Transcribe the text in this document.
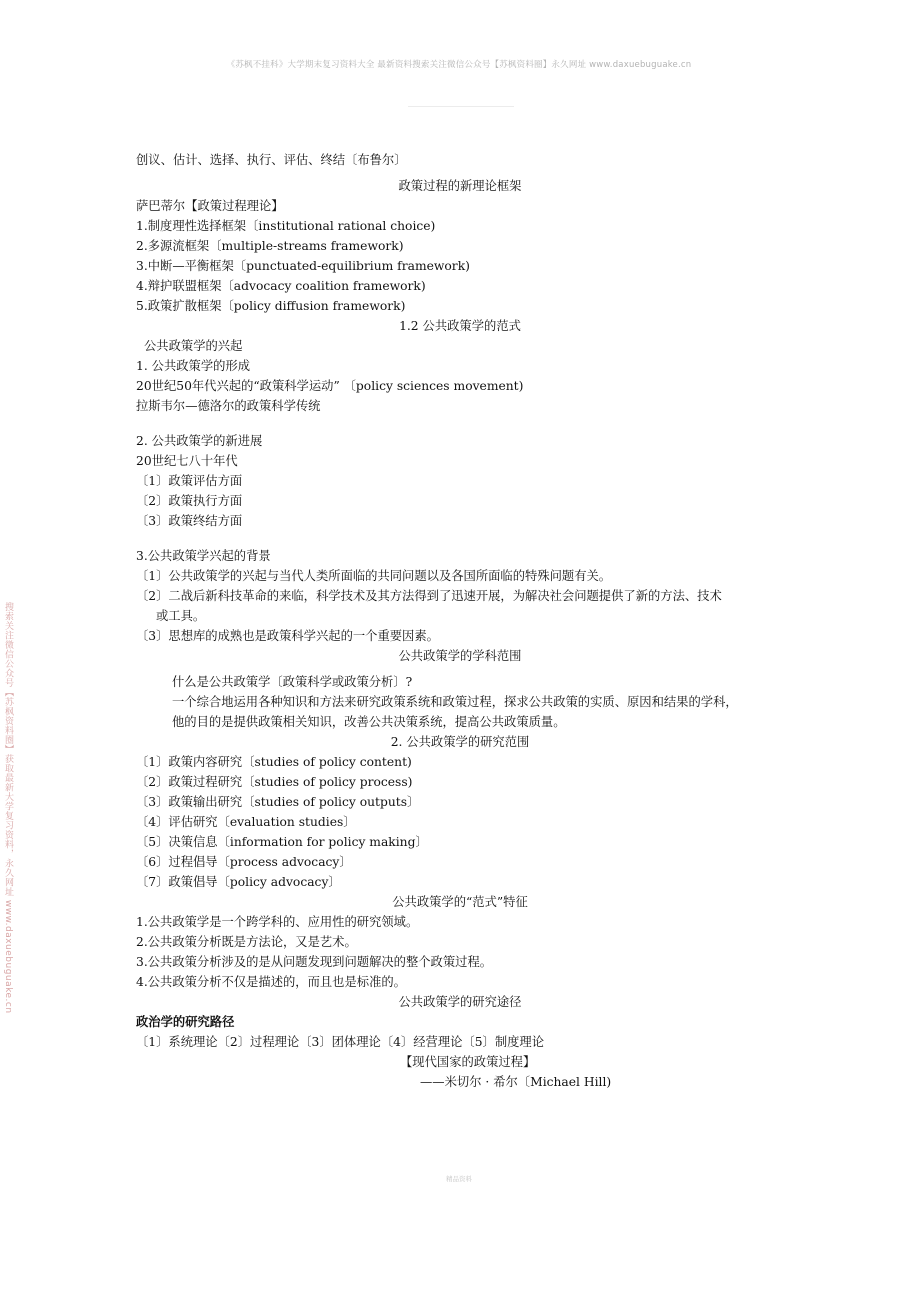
《苏枫不挂科》大学期末复习资料大全 最新资料搜索关注微信公众号【苏枫资料圈】永久网址 www.daxuebuguake.cn
搜索关注微信公众号【苏枫资料圈】获取最新大学复习资料，永久网址 www.daxuebuguake.cn
创议、估计、选择、执行、评估、终结〔布鲁尔〕
政策过程的新理论框架
萨巴蒂尔【政策过程理论】
1.制度理性选择框架〔institutional rational choice)
2.多源流框架〔multiple-streams framework)
3.中断—平衡框架〔punctuated-equilibrium framework)
4.辩护联盟框架〔advocacy coalition framework)
5.政策扩散框架〔policy diffusion framework)
1.2 公共政策学的范式
公共政策学的兴起
1. 公共政策学的形成
20世纪50年代兴起的“政策科学运动” 〔policy sciences movement)
拉斯韦尔—德洛尔的政策科学传统
2. 公共政策学的新进展
20世纪七八十年代
〔1〕政策评估方面
〔2〕政策执行方面
〔3〕政策终结方面
3.公共政策学兴起的背景
〔1〕公共政策学的兴起与当代人类所面临的共同问题以及各国所面临的特殊问题有关。
〔2〕二战后新科技革命的来临，科学技术及其方法得到了迅速开展，为解决社会问题提供了新的方法、技术
或工具。
〔3〕思想库的成熟也是政策科学兴起的一个重要因素。
公共政策学的学科范围
什么是公共政策学〔政策科学或政策分析〕?
一个综合地运用各种知识和方法来研究政策系统和政策过程，探求公共政策的实质、原因和结果的学科，
他的目的是提供政策相关知识，改善公共决策系统，提高公共政策质量。
2. 公共政策学的研究范围
〔1〕政策内容研究〔studies of policy content)
〔2〕政策过程研究〔studies of policy process)
〔3〕政策输出研究〔studies of policy outputs〕
〔4〕评估研究〔evaluation studies〕
〔5〕决策信息〔information for policy making〕
〔6〕过程倡导〔process advocacy〕
〔7〕政策倡导〔policy advocacy〕
公共政策学的“范式”特征
1.公共政策学是一个跨学科的、应用性的研究领域。
2.公共政策分析既是方法论，又是艺术。
3.公共政策分析涉及的是从问题发现到问题解决的整个政策过程。
4.公共政策分析不仅是描述的，而且也是标准的。
公共政策学的研究途径
政治学的研究路径
〔1〕系统理论〔2〕过程理论〔3〕团体理论〔4〕经营理论〔5〕制度理论
【现代国家的政策过程】
——米切尔 · 希尔〔Michael Hill)
精品资料
